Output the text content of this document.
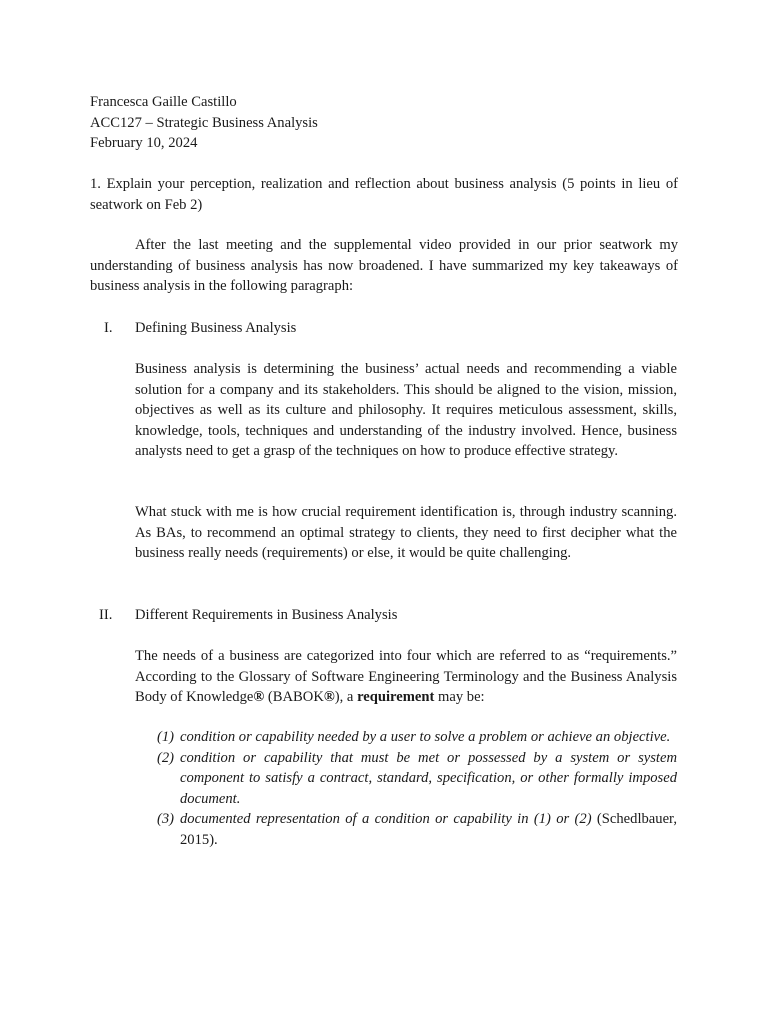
Francesca Gaille Castillo
ACC127 – Strategic Business Analysis
February 10, 2024

1. Explain your perception, realization and reflection about business analysis (5 points in lieu of seatwork on Feb 2)

After the last meeting and the supplemental video provided in our prior seatwork my understanding of business analysis has now broadened. I have summarized my key takeaways of business analysis in the following paragraph:

I. Defining Business Analysis

Business analysis is determining the business’ actual needs and recommending a viable solution for a company and its stakeholders. This should be aligned to the vision, mission, objectives as well as its culture and philosophy. It requires meticulous assessment, skills, knowledge, tools, techniques and understanding of the industry involved. Hence, business analysts need to get a grasp of the techniques on how to produce effective strategy.

What stuck with me is how crucial requirement identification is, through industry scanning. As BAs, to recommend an optimal strategy to clients, they need to first decipher what the business really needs (requirements) or else, it would be quite challenging.

II. Different Requirements in Business Analysis

The needs of a business are categorized into four which are referred to as “requirements.” According to the Glossary of Software Engineering Terminology and the Business Analysis Body of Knowledge® (BABOK®), a requirement may be:

(1) condition or capability needed by a user to solve a problem or achieve an objective.
(2) condition or capability that must be met or possessed by a system or system component to satisfy a contract, standard, specification, or other formally imposed document.
(3) documented representation of a condition or capability in (1) or (2) (Schedlbauer, 2015).
